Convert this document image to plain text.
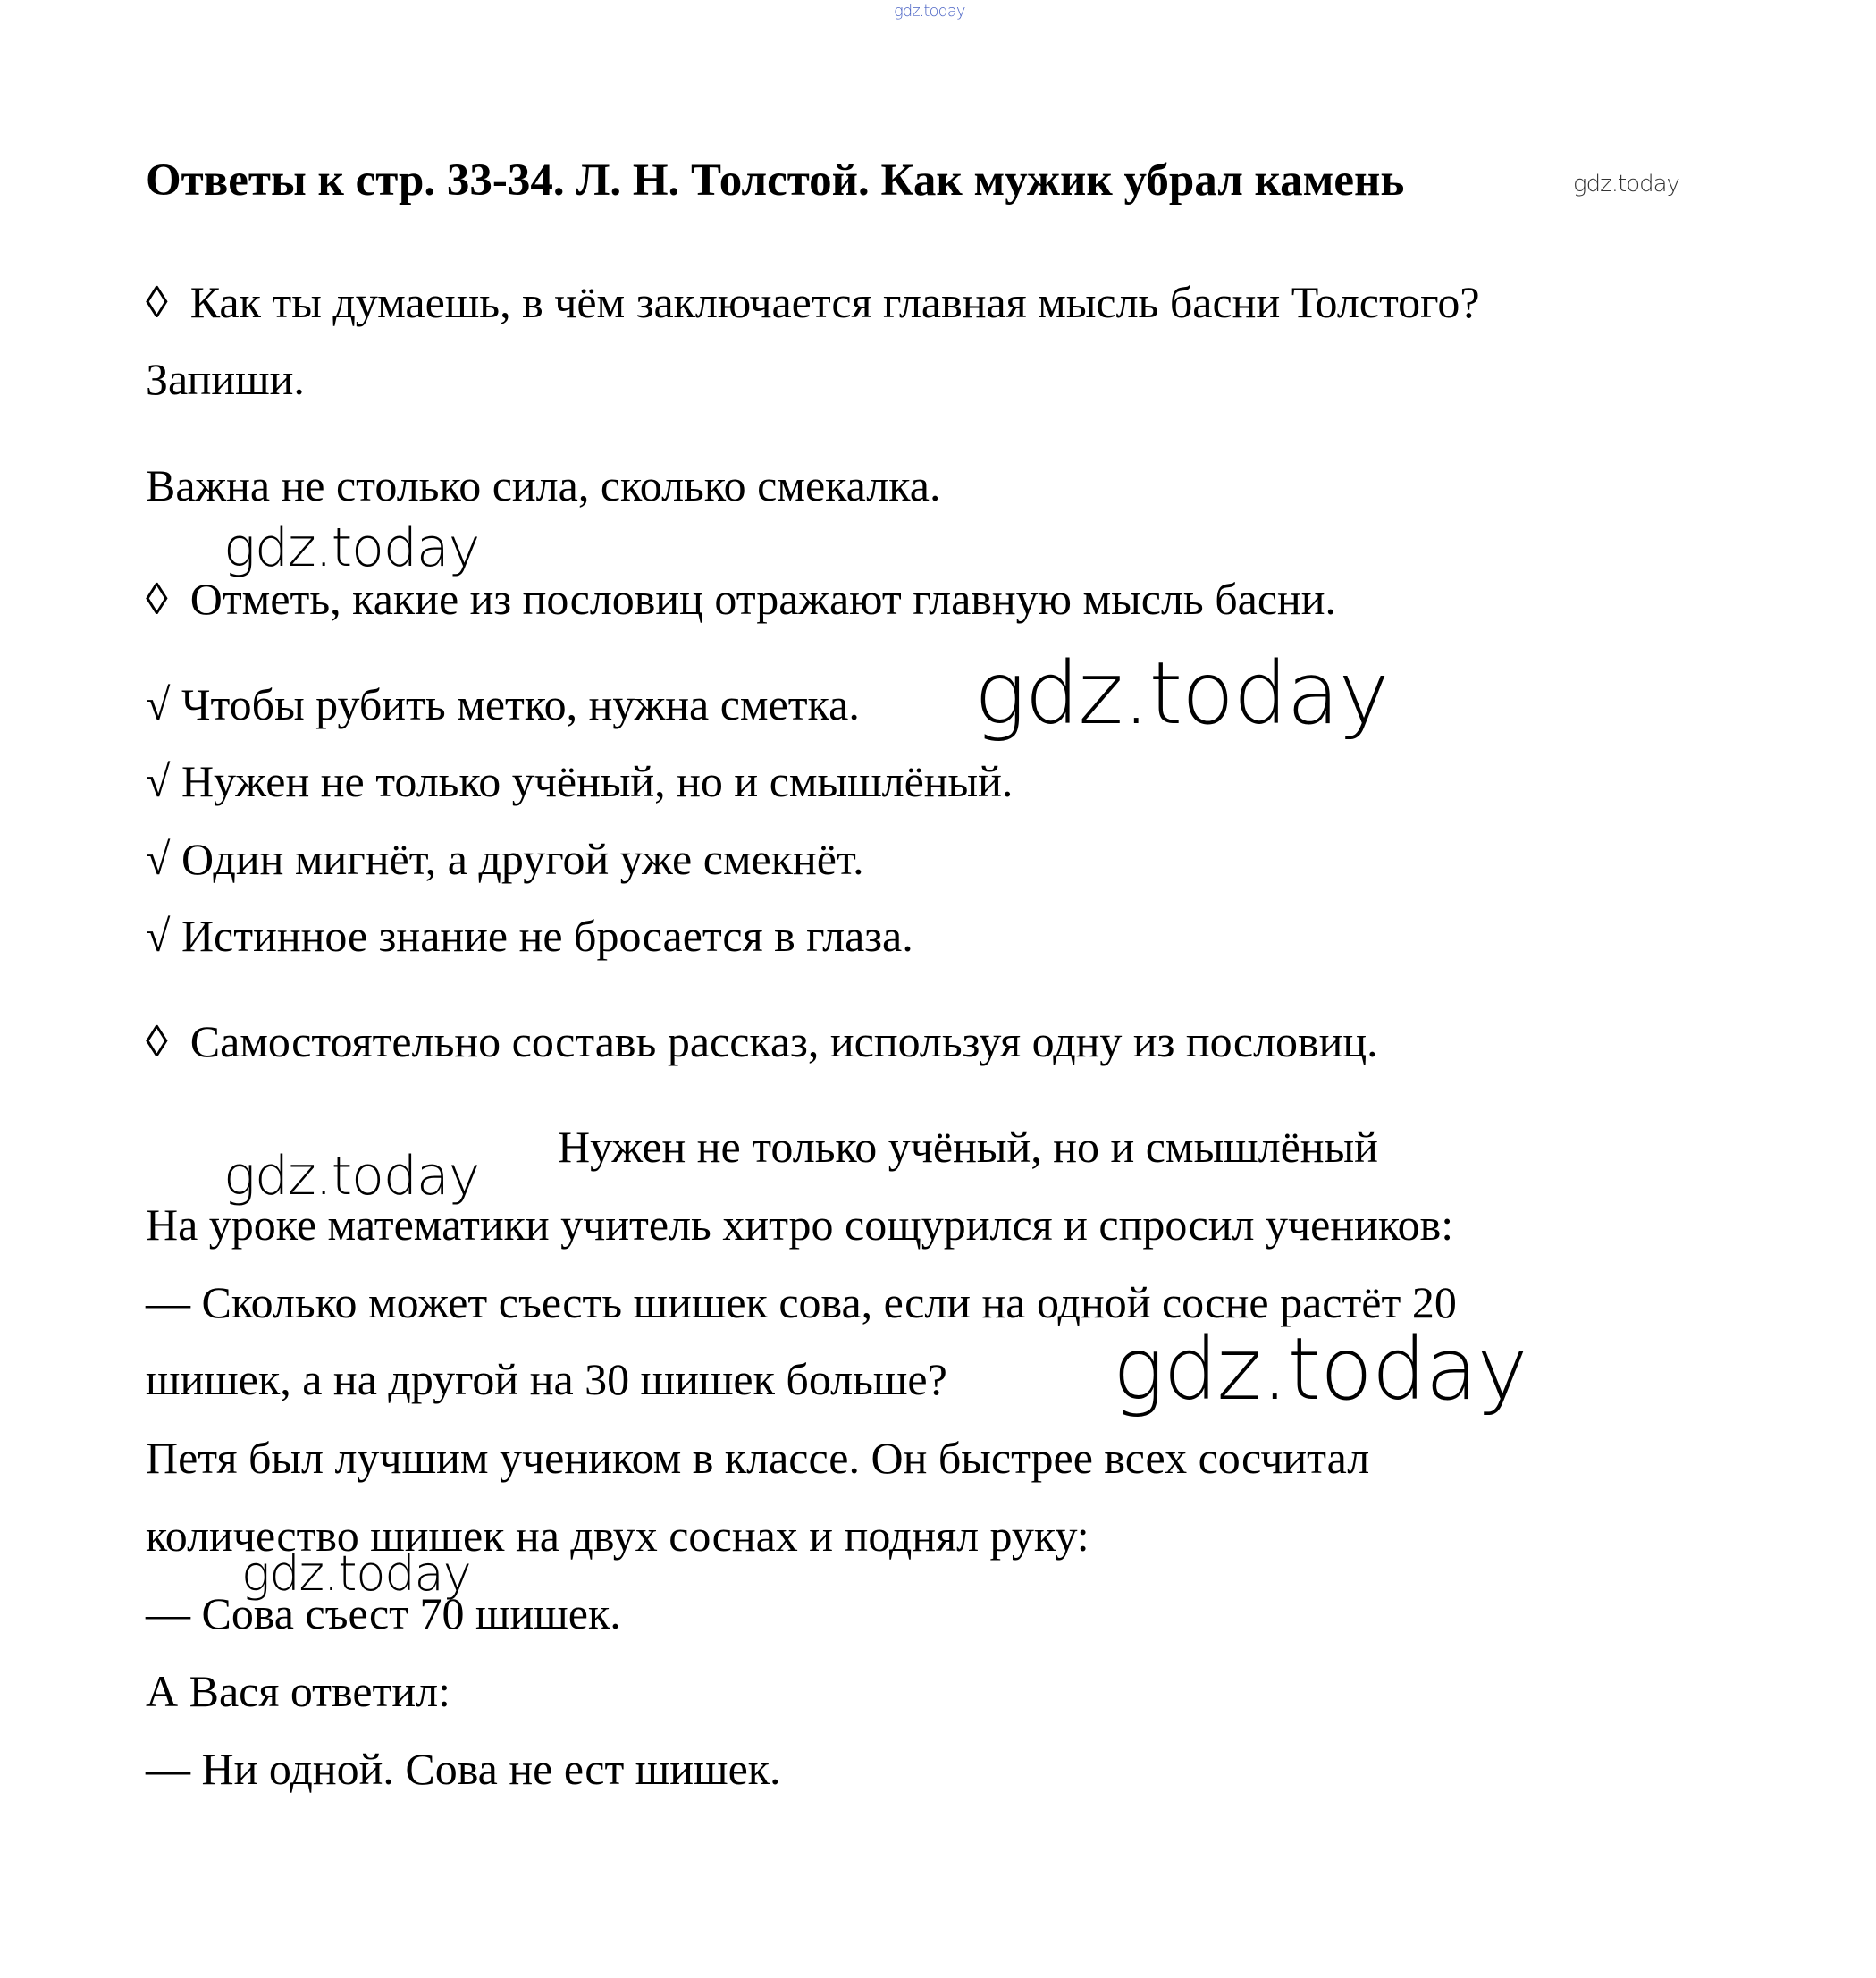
gdz.today
gdz.today
Ответы к стр. 33-34. Л. Н. Толстой. Как мужик убрал камень
◊ Как ты думаешь, в чём заключается главная мысль басни Толстого?
Запиши.
Важна не столько сила, сколько смекалка.
gdz.today
◊ Отметь, какие из пословиц отражают главную мысль басни.
√ Чтобы рубить метко, нужна сметка. gdz.today
√ Нужен не только учёный, но и смышлёный.
√ Один мигнёт, а другой уже смекнёт.
√ Истинное знание не бросается в глаза.
◊ Самостоятельно составь рассказ, используя одну из пословиц.
Нужен не только учёный, но и смышлёный
gdz.today
На уроке математики учитель хитро сощурился и спросил учеников:
— Сколько может съесть шишек сова, если на одной сосне растёт 20
шишек, а на другой на 30 шишек больше? gdz.today
Петя был лучшим учеником в классе. Он быстрее всех сосчитал
количество шишек на двух соснах и поднял руку:
gdz.today
— Сова съест 70 шишек.
А Вася ответил:
— Ни одной. Сова не ест шишек.
